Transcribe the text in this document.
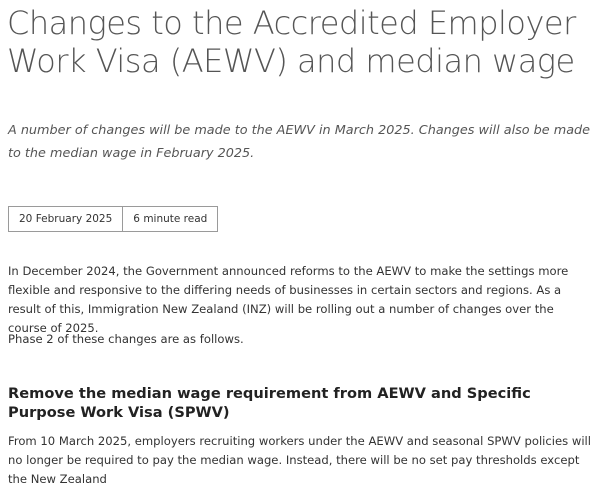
Changes to the Accredited Employer Work Visa (AEWV) and median wage

A number of changes will be made to the AEWV in March 2025. Changes will also be made to the median wage in February 2025.

20 February 2025	6 minute read

In December 2024, the Government announced reforms to the AEWV to make the settings more flexible and responsive to the differing needs of businesses in certain sectors and regions. As a result of this, Immigration New Zealand (INZ) will be rolling out a number of changes over the course of 2025.

Phase 2 of these changes are as follows.

Remove the median wage requirement from AEWV and Specific Purpose Work Visa (SPWV)

From 10 March 2025, employers recruiting workers under the AEWV and seasonal SPWV policies will no longer be required to pay the median wage. Instead, there will be no set pay thresholds except the New Zealand
